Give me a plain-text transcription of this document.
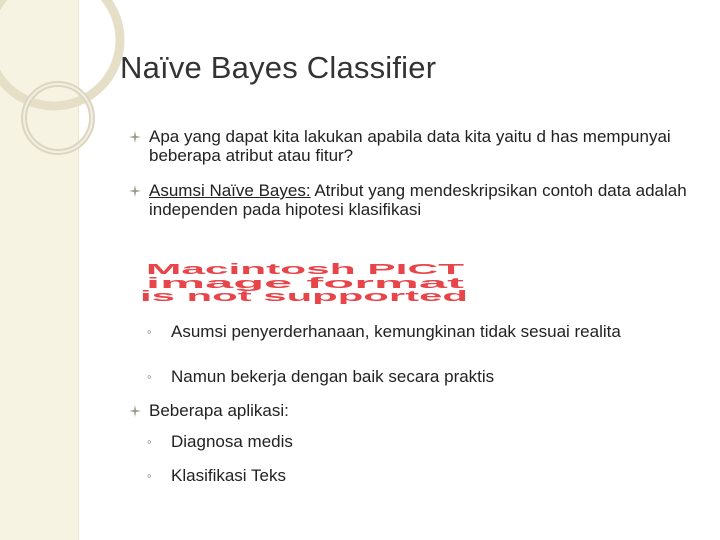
Naïve Bayes Classifier
Apa yang dapat kita lakukan apabila data kita yaitu d has mempunyai beberapa atribut atau fitur?
Asumsi Naïve Bayes: Atribut yang mendeskripsikan contoh data adalah independen pada hipotesi klasifikasi
Macintosh PICT
image format
is not supported
◦ Asumsi penyerderhanaan, kemungkinan tidak sesuai realita
◦ Namun bekerja dengan baik secara praktis
Beberapa aplikasi:
◦ Diagnosa medis
◦ Klasifikasi Teks
